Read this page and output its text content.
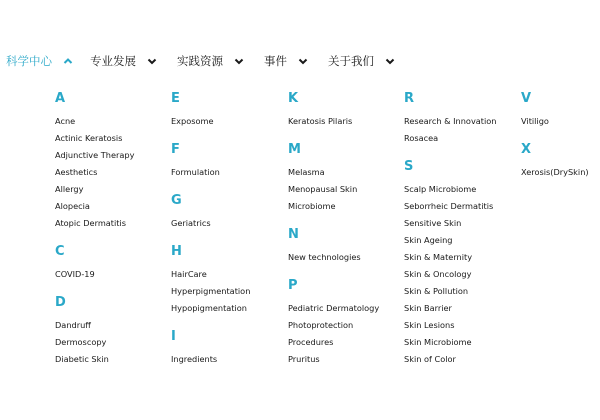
科学中心	专业发展	实践资源	事件	关于我们
A
Acne
Actinic Keratosis
Adjunctive Therapy
Aesthetics
Allergy
Alopecia
Atopic Dermatitis
C
COVID-19
D
Dandruff
Dermoscopy
Diabetic Skin
E
Exposome
F
Formulation
G
Geriatrics
H
HairCare
Hyperpigmentation
Hypopigmentation
I
Ingredients
K
Keratosis Pilaris
M
Melasma
Menopausal Skin
Microbiome
N
New technologies
P
Pediatric Dermatology
Photoprotection
Procedures
Pruritus
R
Research & Innovation
Rosacea
S
Scalp Microbiome
Seborrheic Dermatitis
Sensitive Skin
Skin Ageing
Skin & Maternity
Skin & Oncology
Skin & Pollution
Skin Barrier
Skin Lesions
Skin Microbiome
Skin of Color
V
Vitiligo
X
Xerosis(DrySkin)
